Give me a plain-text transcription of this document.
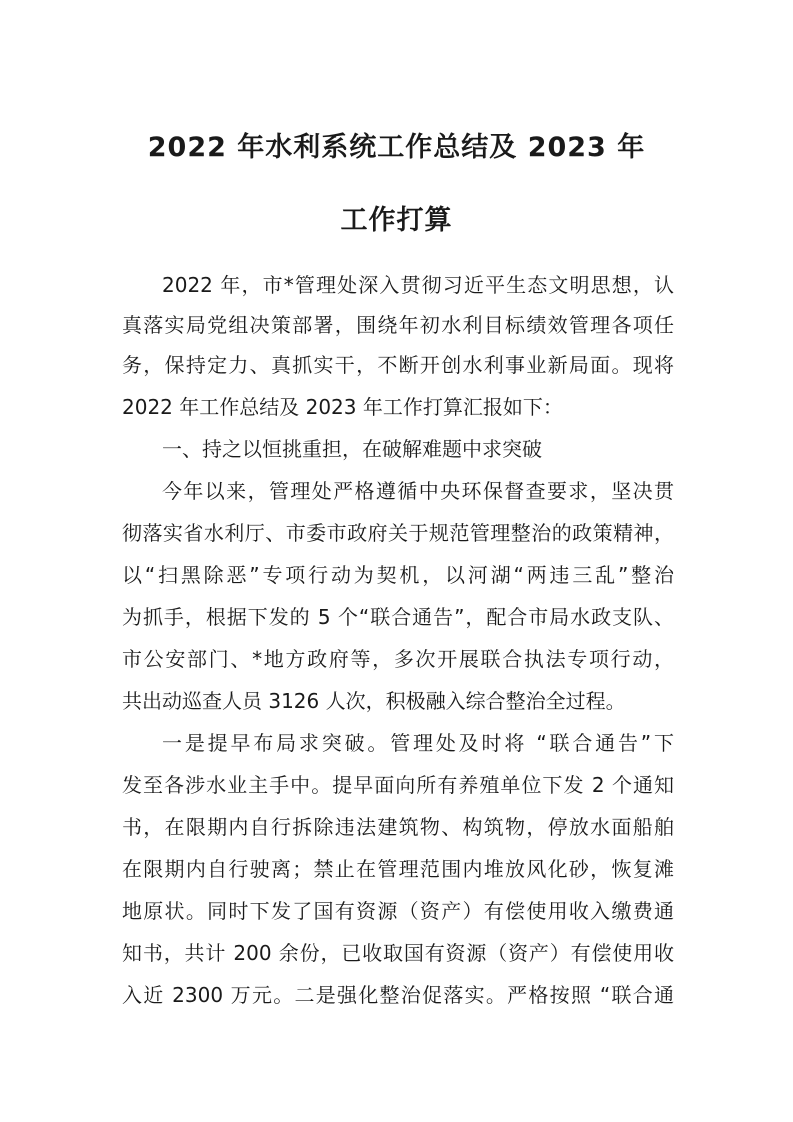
2022 年水利系统工作总结及 2023 年
工作打算

2022 年，市*管理处深入贯彻习近平生态文明思想，认

真落实局党组决策部署，围绕年初水利目标绩效管理各项任

务，保持定力、真抓实干，不断开创水利事业新局面。现将

2022 年工作总结及 2023 年工作打算汇报如下：

一、持之以恒挑重担，在破解难题中求突破

今年以来，管理处严格遵循中央环保督查要求，坚决贯

彻落实省水利厅、市委市政府关于规范管理整治的政策精神，

以“扫黑除恶”专项行动为契机，以河湖“两违三乱”整治

为抓手，根据下发的 5 个“联合通告”，配合市局水政支队、

市公安部门、*地方政府等，多次开展联合执法专项行动，

共出动巡查人员 3126 人次，积极融入综合整治全过程。

一是提早布局求突破。管理处及时将 “联合通告”下

发至各涉水业主手中。提早面向所有养殖单位下发 2 个通知

书，在限期内自行拆除违法建筑物、构筑物，停放水面船舶

在限期内自行驶离；禁止在管理范围内堆放风化砂，恢复滩

地原状。同时下发了国有资源（资产）有偿使用收入缴费通

知书，共计 200 余份，已收取国有资源（资产）有偿使用收

入近 2300 万元。二是强化整治促落实。严格按照 “联合通
